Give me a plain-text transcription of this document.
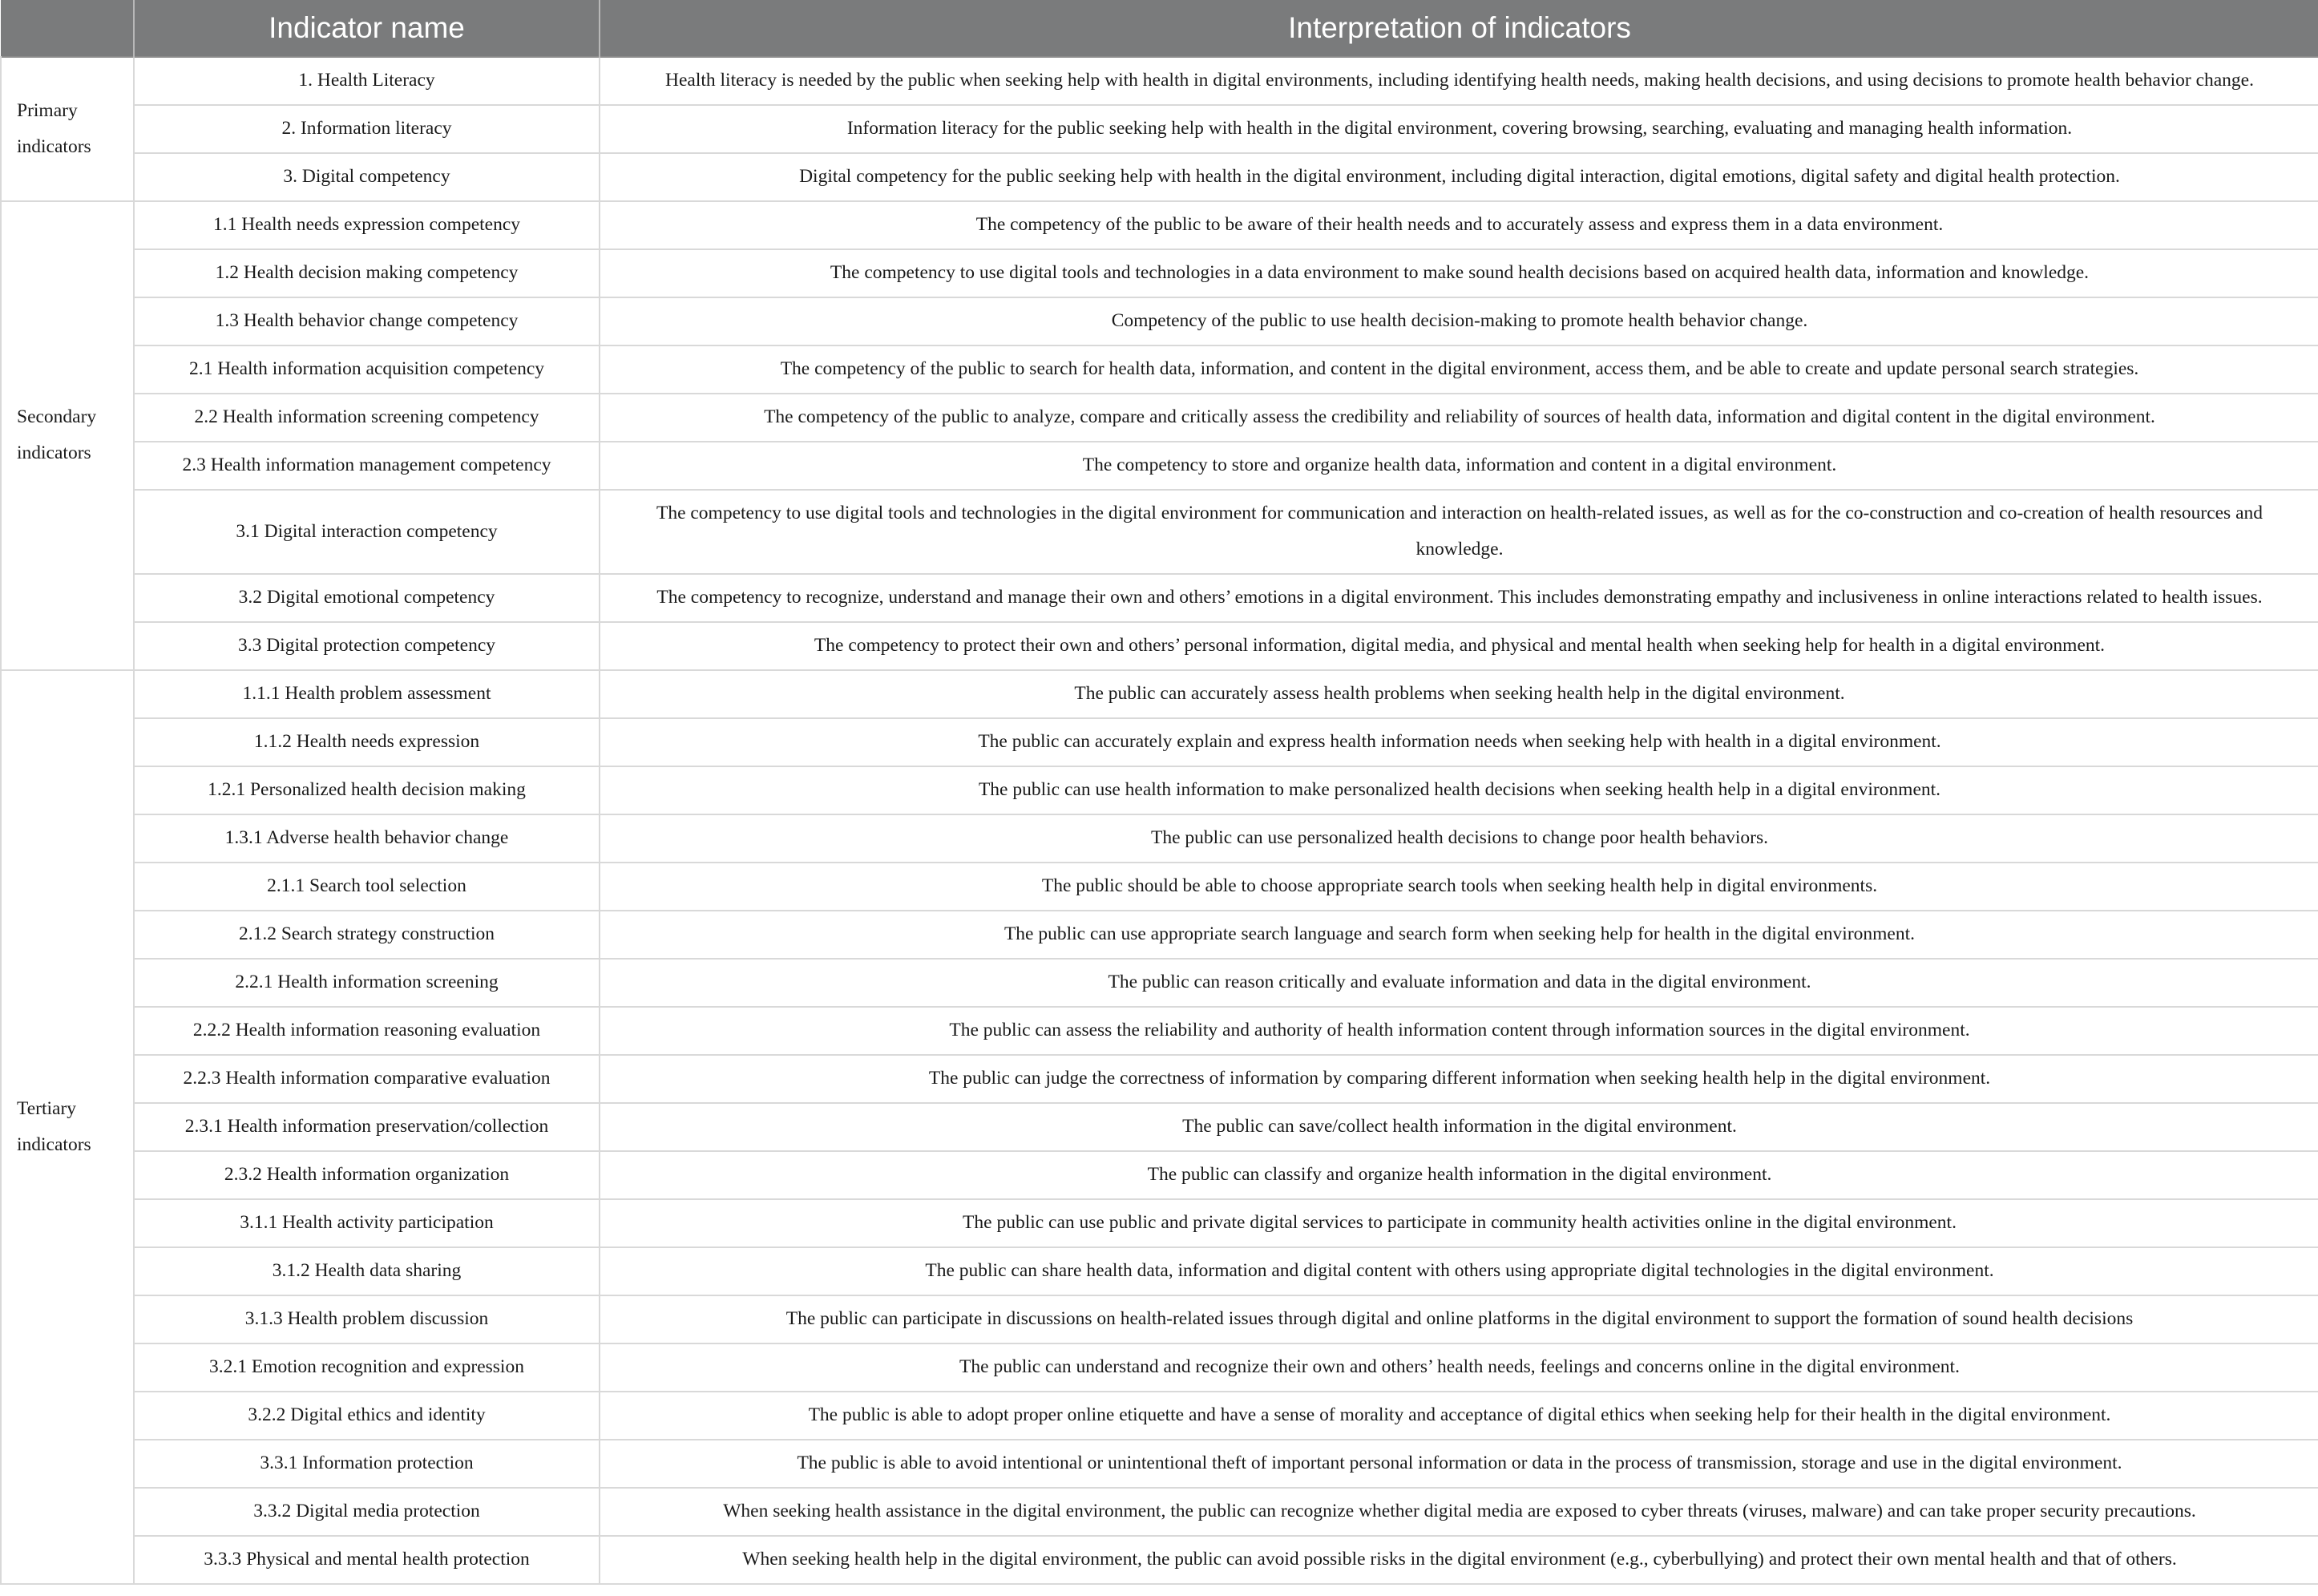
	Indicator name	Interpretation of indicators
Primary indicators	1. Health Literacy	Health literacy is needed by the public when seeking help with health in digital environments, including identifying health needs, making health decisions, and using decisions to promote health behavior change.
	2. Information literacy	Information literacy for the public seeking help with health in the digital environment, covering browsing, searching, evaluating and managing health information.
	3. Digital competency	Digital competency for the public seeking help with health in the digital environment, including digital interaction, digital emotions, digital safety and digital health protection.
Secondary indicators	1.1 Health needs expression competency	The competency of the public to be aware of their health needs and to accurately assess and express them in a data environment.
	1.2 Health decision making competency	The competency to use digital tools and technologies in a data environment to make sound health decisions based on acquired health data, information and knowledge.
	1.3 Health behavior change competency	Competency of the public to use health decision-making to promote health behavior change.
	2.1 Health information acquisition competency	The competency of the public to search for health data, information, and content in the digital environment, access them, and be able to create and update personal search strategies.
	2.2 Health information screening competency	The competency of the public to analyze, compare and critically assess the credibility and reliability of sources of health data, information and digital content in the digital environment.
	2.3 Health information management competency	The competency to store and organize health data, information and content in a digital environment.
	3.1 Digital interaction competency	The competency to use digital tools and technologies in the digital environment for communication and interaction on health-related issues, as well as for the co-construction and co-creation of health resources and knowledge.
	3.2 Digital emotional competency	The competency to recognize, understand and manage their own and others’ emotions in a digital environment. This includes demonstrating empathy and inclusiveness in online interactions related to health issues.
	3.3 Digital protection competency	The competency to protect their own and others’ personal information, digital media, and physical and mental health when seeking help for health in a digital environment.
Tertiary indicators	1.1.1 Health problem assessment	The public can accurately assess health problems when seeking health help in the digital environment.
	1.1.2 Health needs expression	The public can accurately explain and express health information needs when seeking help with health in a digital environment.
	1.2.1 Personalized health decision making	The public can use health information to make personalized health decisions when seeking health help in a digital environment.
	1.3.1 Adverse health behavior change	The public can use personalized health decisions to change poor health behaviors.
	2.1.1 Search tool selection	The public should be able to choose appropriate search tools when seeking health help in digital environments.
	2.1.2 Search strategy construction	The public can use appropriate search language and search form when seeking help for health in the digital environment.
	2.2.1 Health information screening	The public can reason critically and evaluate information and data in the digital environment.
	2.2.2 Health information reasoning evaluation	The public can assess the reliability and authority of health information content through information sources in the digital environment.
	2.2.3 Health information comparative evaluation	The public can judge the correctness of information by comparing different information when seeking health help in the digital environment.
	2.3.1 Health information preservation/collection	The public can save/collect health information in the digital environment.
	2.3.2 Health information organization	The public can classify and organize health information in the digital environment.
	3.1.1 Health activity participation	The public can use public and private digital services to participate in community health activities online in the digital environment.
	3.1.2 Health data sharing	The public can share health data, information and digital content with others using appropriate digital technologies in the digital environment.
	3.1.3 Health problem discussion	The public can participate in discussions on health-related issues through digital and online platforms in the digital environment to support the formation of sound health decisions
	3.2.1 Emotion recognition and expression	The public can understand and recognize their own and others’ health needs, feelings and concerns online in the digital environment.
	3.2.2 Digital ethics and identity	The public is able to adopt proper online etiquette and have a sense of morality and acceptance of digital ethics when seeking help for their health in the digital environment.
	3.3.1 Information protection	The public is able to avoid intentional or unintentional theft of important personal information or data in the process of transmission, storage and use in the digital environment.
	3.3.2 Digital media protection	When seeking health assistance in the digital environment, the public can recognize whether digital media are exposed to cyber threats (viruses, malware) and can take proper security precautions.
	3.3.3 Physical and mental health protection	When seeking health help in the digital environment, the public can avoid possible risks in the digital environment (e.g., cyberbullying) and protect their own mental health and that of others.
